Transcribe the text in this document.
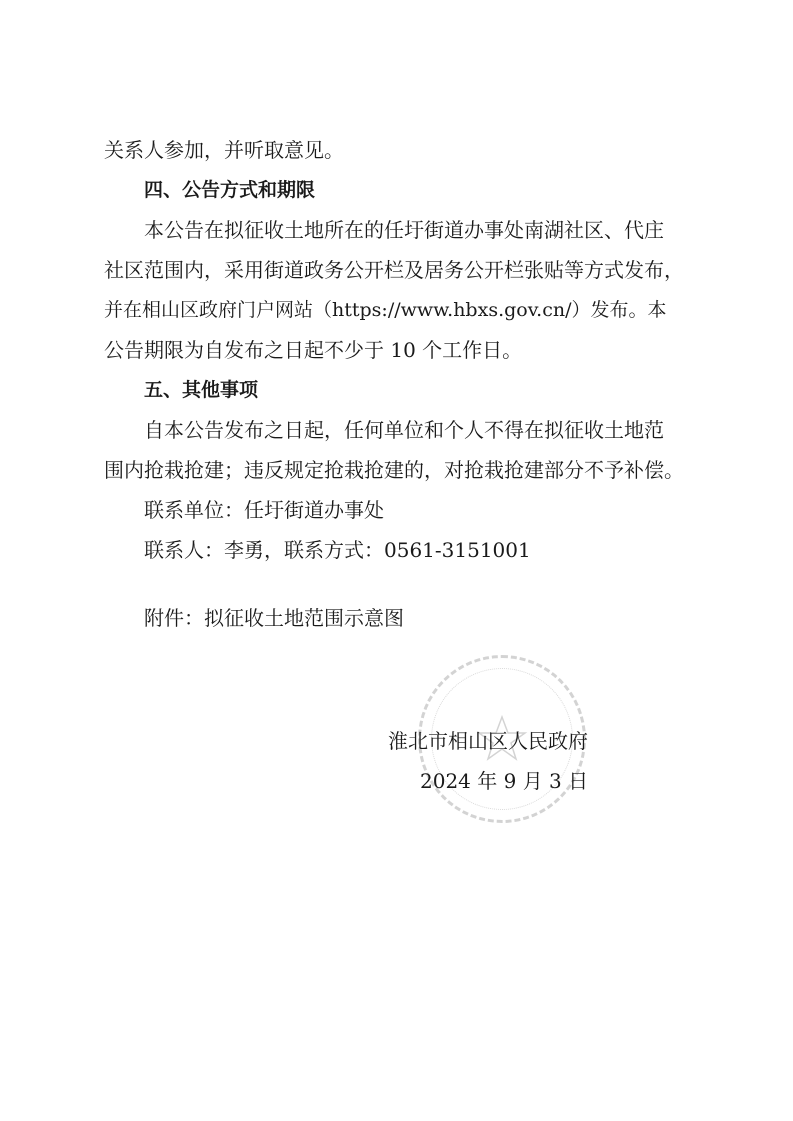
关系人参加，并听取意见。
四、公告方式和期限
本公告在拟征收土地所在的任圩街道办事处南湖社区、代庄
社区范围内，采用街道政务公开栏及居务公开栏张贴等方式发布，
并在相山区政府门户网站（https://www.hbxs.gov.cn/）发布。本
公告期限为自发布之日起不少于 10 个工作日。
五、其他事项
自本公告发布之日起，任何单位和个人不得在拟征收土地范
围内抢栽抢建；违反规定抢栽抢建的，对抢栽抢建部分不予补偿。
联系单位：任圩街道办事处
联系人：李勇，联系方式：0561-3151001
附件：拟征收土地范围示意图
淮北市相山区人民政府
2024 年 9 月 3 日
